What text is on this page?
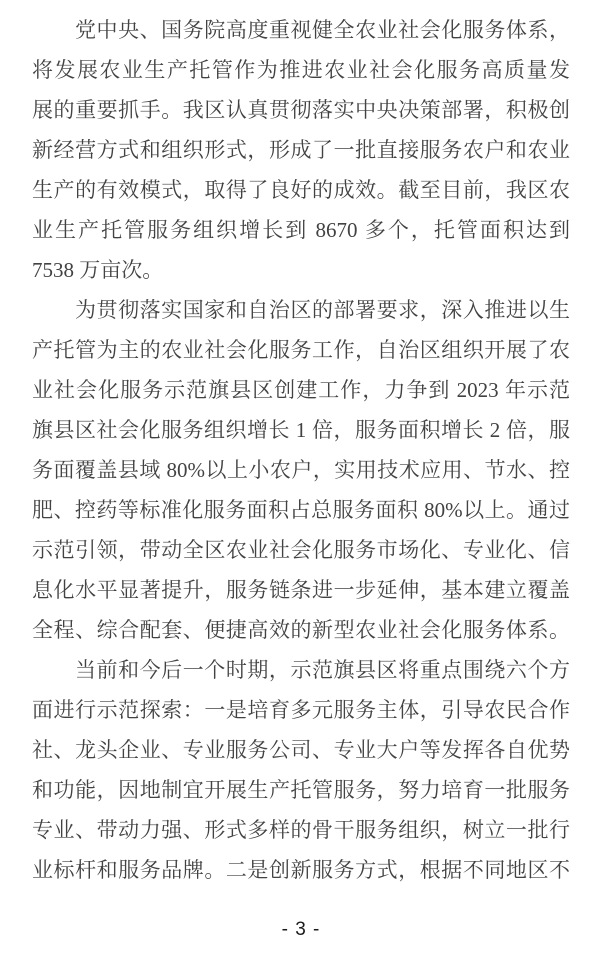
党中央、国务院高度重视健全农业社会化服务体系，
将发展农业生产托管作为推进农业社会化服务高质量发
展的重要抓手。我区认真贯彻落实中央决策部署，积极创
新经营方式和组织形式，形成了一批直接服务农户和农业
生产的有效模式，取得了良好的成效。截至目前，我区农
业生产托管服务组织增长到 8670 多个，托管面积达到
7538 万亩次。
为贯彻落实国家和自治区的部署要求，深入推进以生
产托管为主的农业社会化服务工作，自治区组织开展了农
业社会化服务示范旗县区创建工作，力争到 2023 年示范
旗县区社会化服务组织增长 1 倍，服务面积增长 2 倍，服
务面覆盖县域 80%以上小农户，实用技术应用、节水、控
肥、控药等标准化服务面积占总服务面积 80%以上。通过
示范引领，带动全区农业社会化服务市场化、专业化、信
息化水平显著提升，服务链条进一步延伸，基本建立覆盖
全程、综合配套、便捷高效的新型农业社会化服务体系。
当前和今后一个时期，示范旗县区将重点围绕六个方
面进行示范探索：一是培育多元服务主体，引导农民合作
社、龙头企业、专业服务公司、专业大户等发挥各自优势
和功能，因地制宜开展生产托管服务，努力培育一批服务
专业、带动力强、形式多样的骨干服务组织，树立一批行
业标杆和服务品牌。二是创新服务方式，根据不同地区不
- 3 -
